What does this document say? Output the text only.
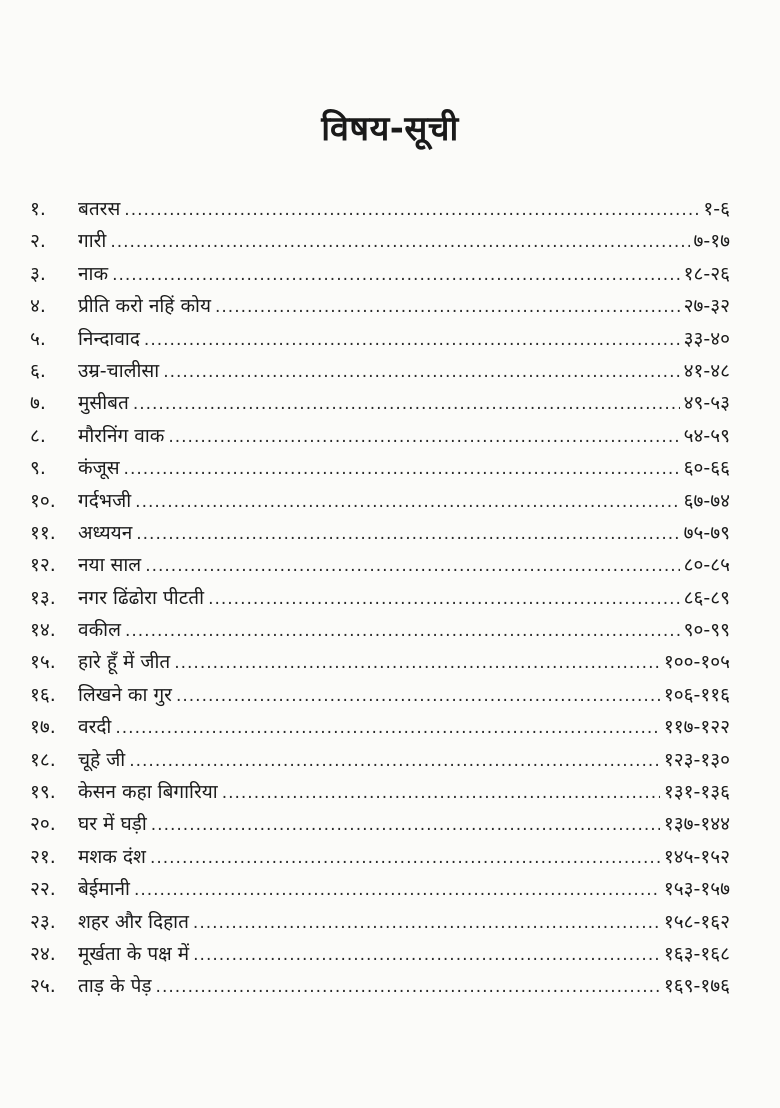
विषय-सूची
१.	बतरस .....	१-६
२.	गारी .....	७-१७
३.	नाक .....	१८-२६
४.	प्रीति करो नहिं कोय .....	२७-३२
५.	निन्दावाद .....	३३-४०
६.	उम्र-चालीसा .....	४१-४८
७.	मुसीबत .....	४९-५३
८.	मौरनिंग वाक .....	५४-५९
९.	कंजूस .....	६०-६६
१०.	गर्दभजी .....	६७-७४
११.	अध्ययन .....	७५-७९
१२.	नया साल .....	८०-८५
१३.	नगर ढिंढोरा पीटती .....	८६-८९
१४.	वकील .....	९०-९९
१५.	हारे हूँ में जीत .....	१००-१०५
१६.	लिखने का गुर .....	१०६-११६
१७.	वरदी .....	११७-१२२
१८.	चूहे जी .....	१२३-१३०
१९.	केसन कहा बिगारिया .....	१३१-१३६
२०.	घर में घड़ी .....	१३७-१४४
२१.	मशक दंश .....	१४५-१५२
२२.	बेईमानी .....	१५३-१५७
२३.	शहर और दिहात .....	१५८-१६२
२४.	मूर्खता के पक्ष में .....	१६३-१६८
२५.	ताड़ के पेड़ .....	१६९-१७६
